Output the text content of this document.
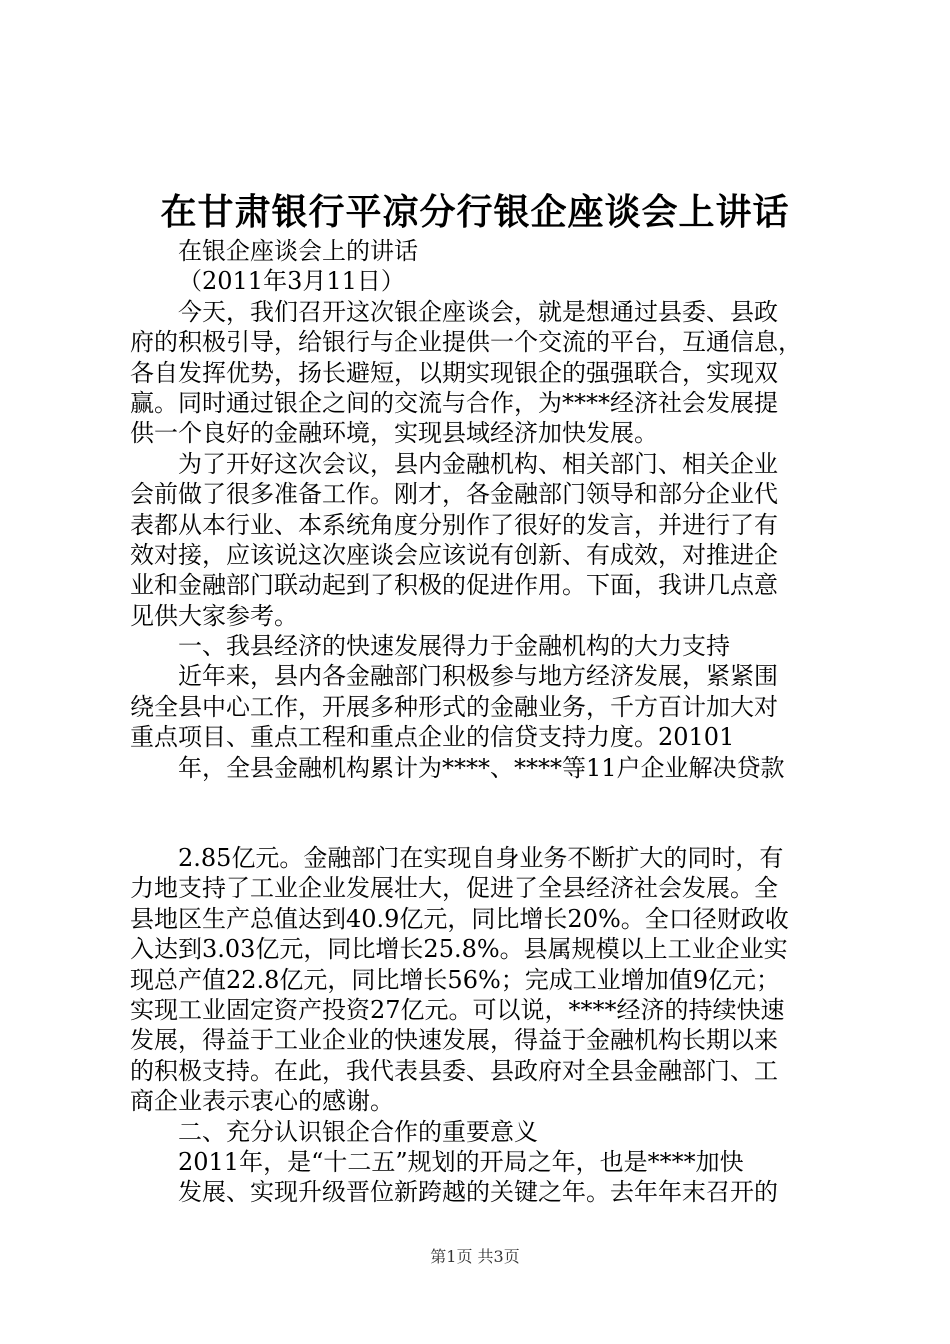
在甘肃银行平凉分行银企座谈会上讲话
在银企座谈会上的讲话
（2011年3月11日）
今天，我们召开这次银企座谈会，就是想通过县委、县政
府的积极引导，给银行与企业提供一个交流的平台，互通信息，
各自发挥优势，扬长避短，以期实现银企的强强联合，实现双
赢。同时通过银企之间的交流与合作，为****经济社会发展提
供一个良好的金融环境，实现县域经济加快发展。
为了开好这次会议，县内金融机构、相关部门、相关企业
会前做了很多准备工作。刚才，各金融部门领导和部分企业代
表都从本行业、本系统角度分别作了很好的发言，并进行了有
效对接，应该说这次座谈会应该说有创新、有成效，对推进企
业和金融部门联动起到了积极的促进作用。下面，我讲几点意
见供大家参考。
一、我县经济的快速发展得力于金融机构的大力支持
近年来，县内各金融部门积极参与地方经济发展，紧紧围
绕全县中心工作，开展多种形式的金融业务，千方百计加大对
重点项目、重点工程和重点企业的信贷支持力度。20101
年，全县金融机构累计为****、****等11户企业解决贷款
2.85亿元。金融部门在实现自身业务不断扩大的同时，有
力地支持了工业企业发展壮大，促进了全县经济社会发展。全
县地区生产总值达到40.9亿元，同比增长20%。全口径财政收
入达到3.03亿元，同比增长25.8%。县属规模以上工业企业实
现总产值22.8亿元，同比增长56%；完成工业增加值9亿元；
实现工业固定资产投资27亿元。可以说，****经济的持续快速
发展，得益于工业企业的快速发展，得益于金融机构长期以来
的积极支持。在此，我代表县委、县政府对全县金融部门、工
商企业表示衷心的感谢。
二、充分认识银企合作的重要意义
2011年，是“十二五”规划的开局之年，也是****加快
发展、实现升级晋位新跨越的关键之年。去年年末召开的
第1页 共3页
